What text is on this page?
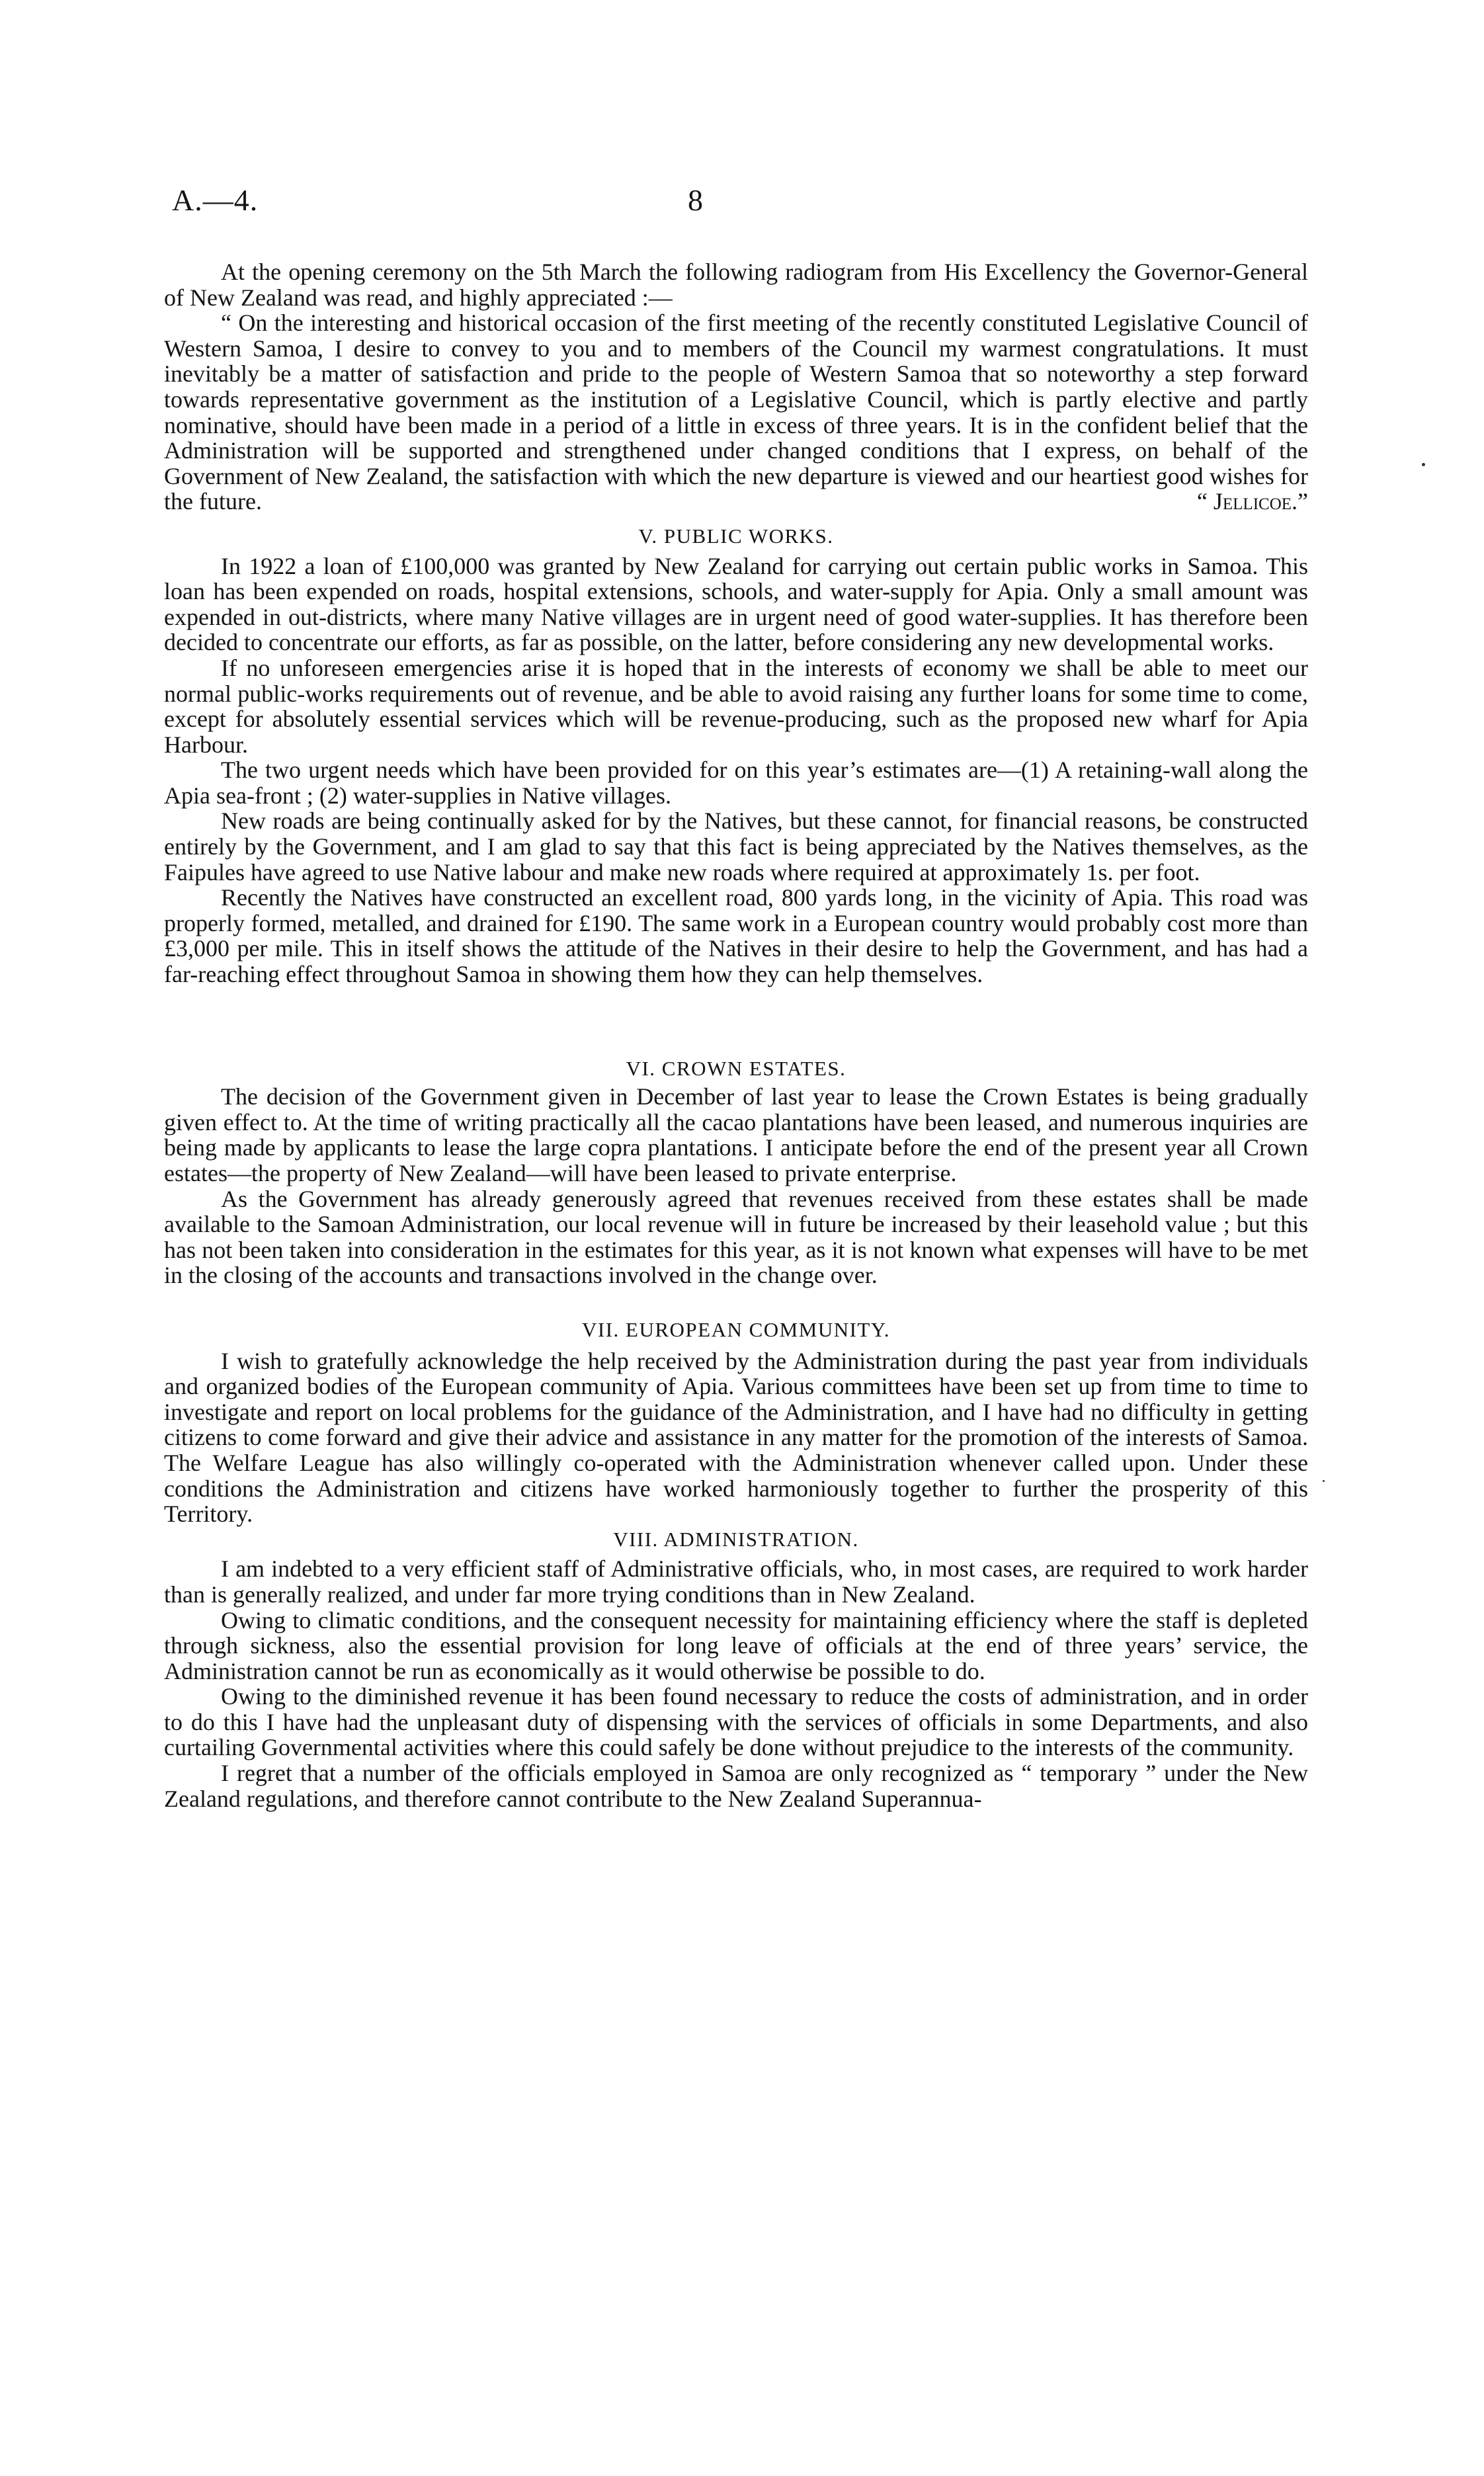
A.—4.	8

At the opening ceremony on the 5th March the following radiogram from His Excellency the Governor-General of New Zealand was read, and highly appreciated :—

“ On the interesting and historical occasion of the first meeting of the recently constituted Legislative Council of Western Samoa, I desire to convey to you and to members of the Council my warmest congratulations. It must inevitably be a matter of satisfaction and pride to the people of Western Samoa that so noteworthy a step forward towards representative government as the institution of a Legislative Council, which is partly elective and partly nominative, should have been made in a period of a little in excess of three years. It is in the confident belief that the Administration will be supported and strengthened under changed conditions that I express, on behalf of the Government of New Zealand, the satisfaction with which the new departure is viewed and our heartiest good wishes for the future.	“ Jellicoe.”

V. PUBLIC WORKS.

In 1922 a loan of £100,000 was granted by New Zealand for carrying out certain public works in Samoa. This loan has been expended on roads, hospital extensions, schools, and water-supply for Apia. Only a small amount was expended in out-districts, where many Native villages are in urgent need of good water-supplies. It has therefore been decided to concentrate our efforts, as far as possible, on the latter, before considering any new developmental works.

If no unforeseen emergencies arise it is hoped that in the interests of economy we shall be able to meet our normal public-works requirements out of revenue, and be able to avoid raising any further loans for some time to come, except for absolutely essential services which will be revenue-producing, such as the proposed new wharf for Apia Harbour.

The two urgent needs which have been provided for on this year’s estimates are—(1) A retaining-wall along the Apia sea-front ; (2) water-supplies in Native villages.

New roads are being continually asked for by the Natives, but these cannot, for financial reasons, be constructed entirely by the Government, and I am glad to say that this fact is being appreciated by the Natives themselves, as the Faipules have agreed to use Native labour and make new roads where required at approximately 1s. per foot.

Recently the Natives have constructed an excellent road, 800 yards long, in the vicinity of Apia. This road was properly formed, metalled, and drained for £190. The same work in a European country would probably cost more than £3,000 per mile. This in itself shows the attitude of the Natives in their desire to help the Government, and has had a far-reaching effect throughout Samoa in showing them how they can help themselves.

VI. CROWN ESTATES.

The decision of the Government given in December of last year to lease the Crown Estates is being gradually given effect to. At the time of writing practically all the cacao plantations have been leased, and numerous inquiries are being made by applicants to lease the large copra plantations. I anticipate before the end of the present year all Crown estates—the property of New Zealand—will have been leased to private enterprise.

As the Government has already generously agreed that revenues received from these estates shall be made available to the Samoan Administration, our local revenue will in future be increased by their leasehold value ; but this has not been taken into consideration in the estimates for this year, as it is not known what expenses will have to be met in the closing of the accounts and transactions involved in the change over.

VII. EUROPEAN COMMUNITY.

I wish to gratefully acknowledge the help received by the Administration during the past year from individuals and organized bodies of the European community of Apia. Various committees have been set up from time to time to investigate and report on local problems for the guidance of the Administration, and I have had no difficulty in getting citizens to come forward and give their advice and assistance in any matter for the promotion of the interests of Samoa. The Welfare League has also willingly co-operated with the Administration whenever called upon. Under these conditions the Administration and citizens have worked harmoniously together to further the prosperity of this Territory.

VIII. ADMINISTRATION.

I am indebted to a very efficient staff of Administrative officials, who, in most cases, are required to work harder than is generally realized, and under far more trying conditions than in New Zealand.

Owing to climatic conditions, and the consequent necessity for maintaining efficiency where the staff is depleted through sickness, also the essential provision for long leave of officials at the end of three years’ service, the Administration cannot be run as economically as it would otherwise be possible to do.

Owing to the diminished revenue it has been found necessary to reduce the costs of administration, and in order to do this I have had the unpleasant duty of dispensing with the services of officials in some Departments, and also curtailing Governmental activities where this could safely be done without prejudice to the interests of the community.

I regret that a number of the officials employed in Samoa are only recognized as “ temporary ” under the New Zealand regulations, and therefore cannot contribute to the New Zealand Superannua-
